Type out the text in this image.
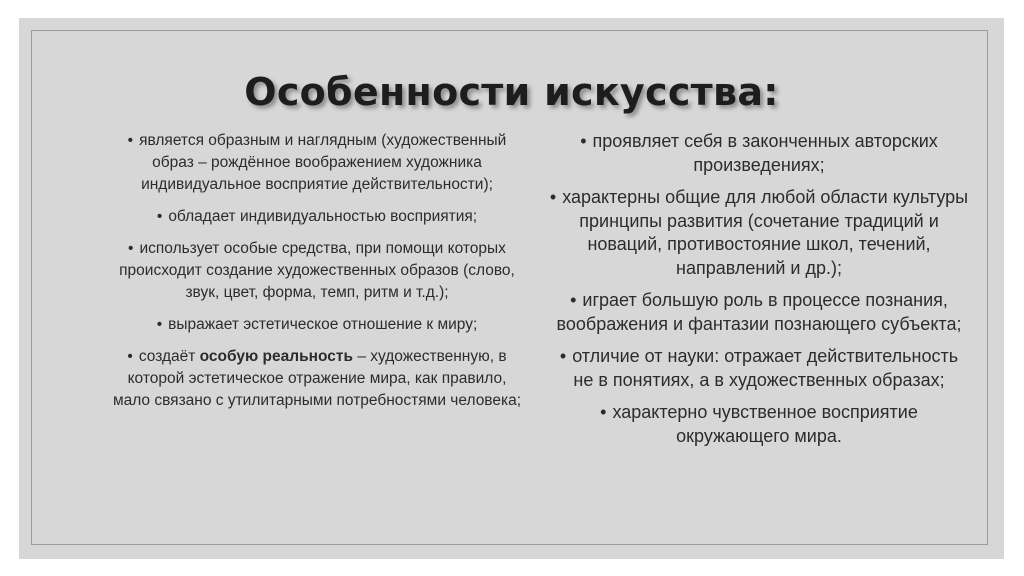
Особенности искусства:
• является образным и наглядным (художественный образ – рождённое воображением художника индивидуальное восприятие действительности);
• обладает индивидуальностью восприятия;
• использует особые средства, при помощи которых происходит создание художественных образов (слово, звук, цвет, форма, темп, ритм и т.д.);
• выражает эстетическое отношение к миру;
• создаёт особую реальность – художественную, в которой эстетическое отражение мира, как правило, мало связано с утилитарными потребностями человека;
• проявляет себя в законченных авторских произведениях;
• характерны общие для любой области культуры принципы развития (сочетание традиций и новаций, противостояние школ, течений, направлений и др.);
• играет большую роль в процессе познания, воображения и фантазии познающего субъекта;
• отличие от науки: отражает действительность не в понятиях, а в художественных образах;
• характерно чувственное восприятие окружающего мира.
